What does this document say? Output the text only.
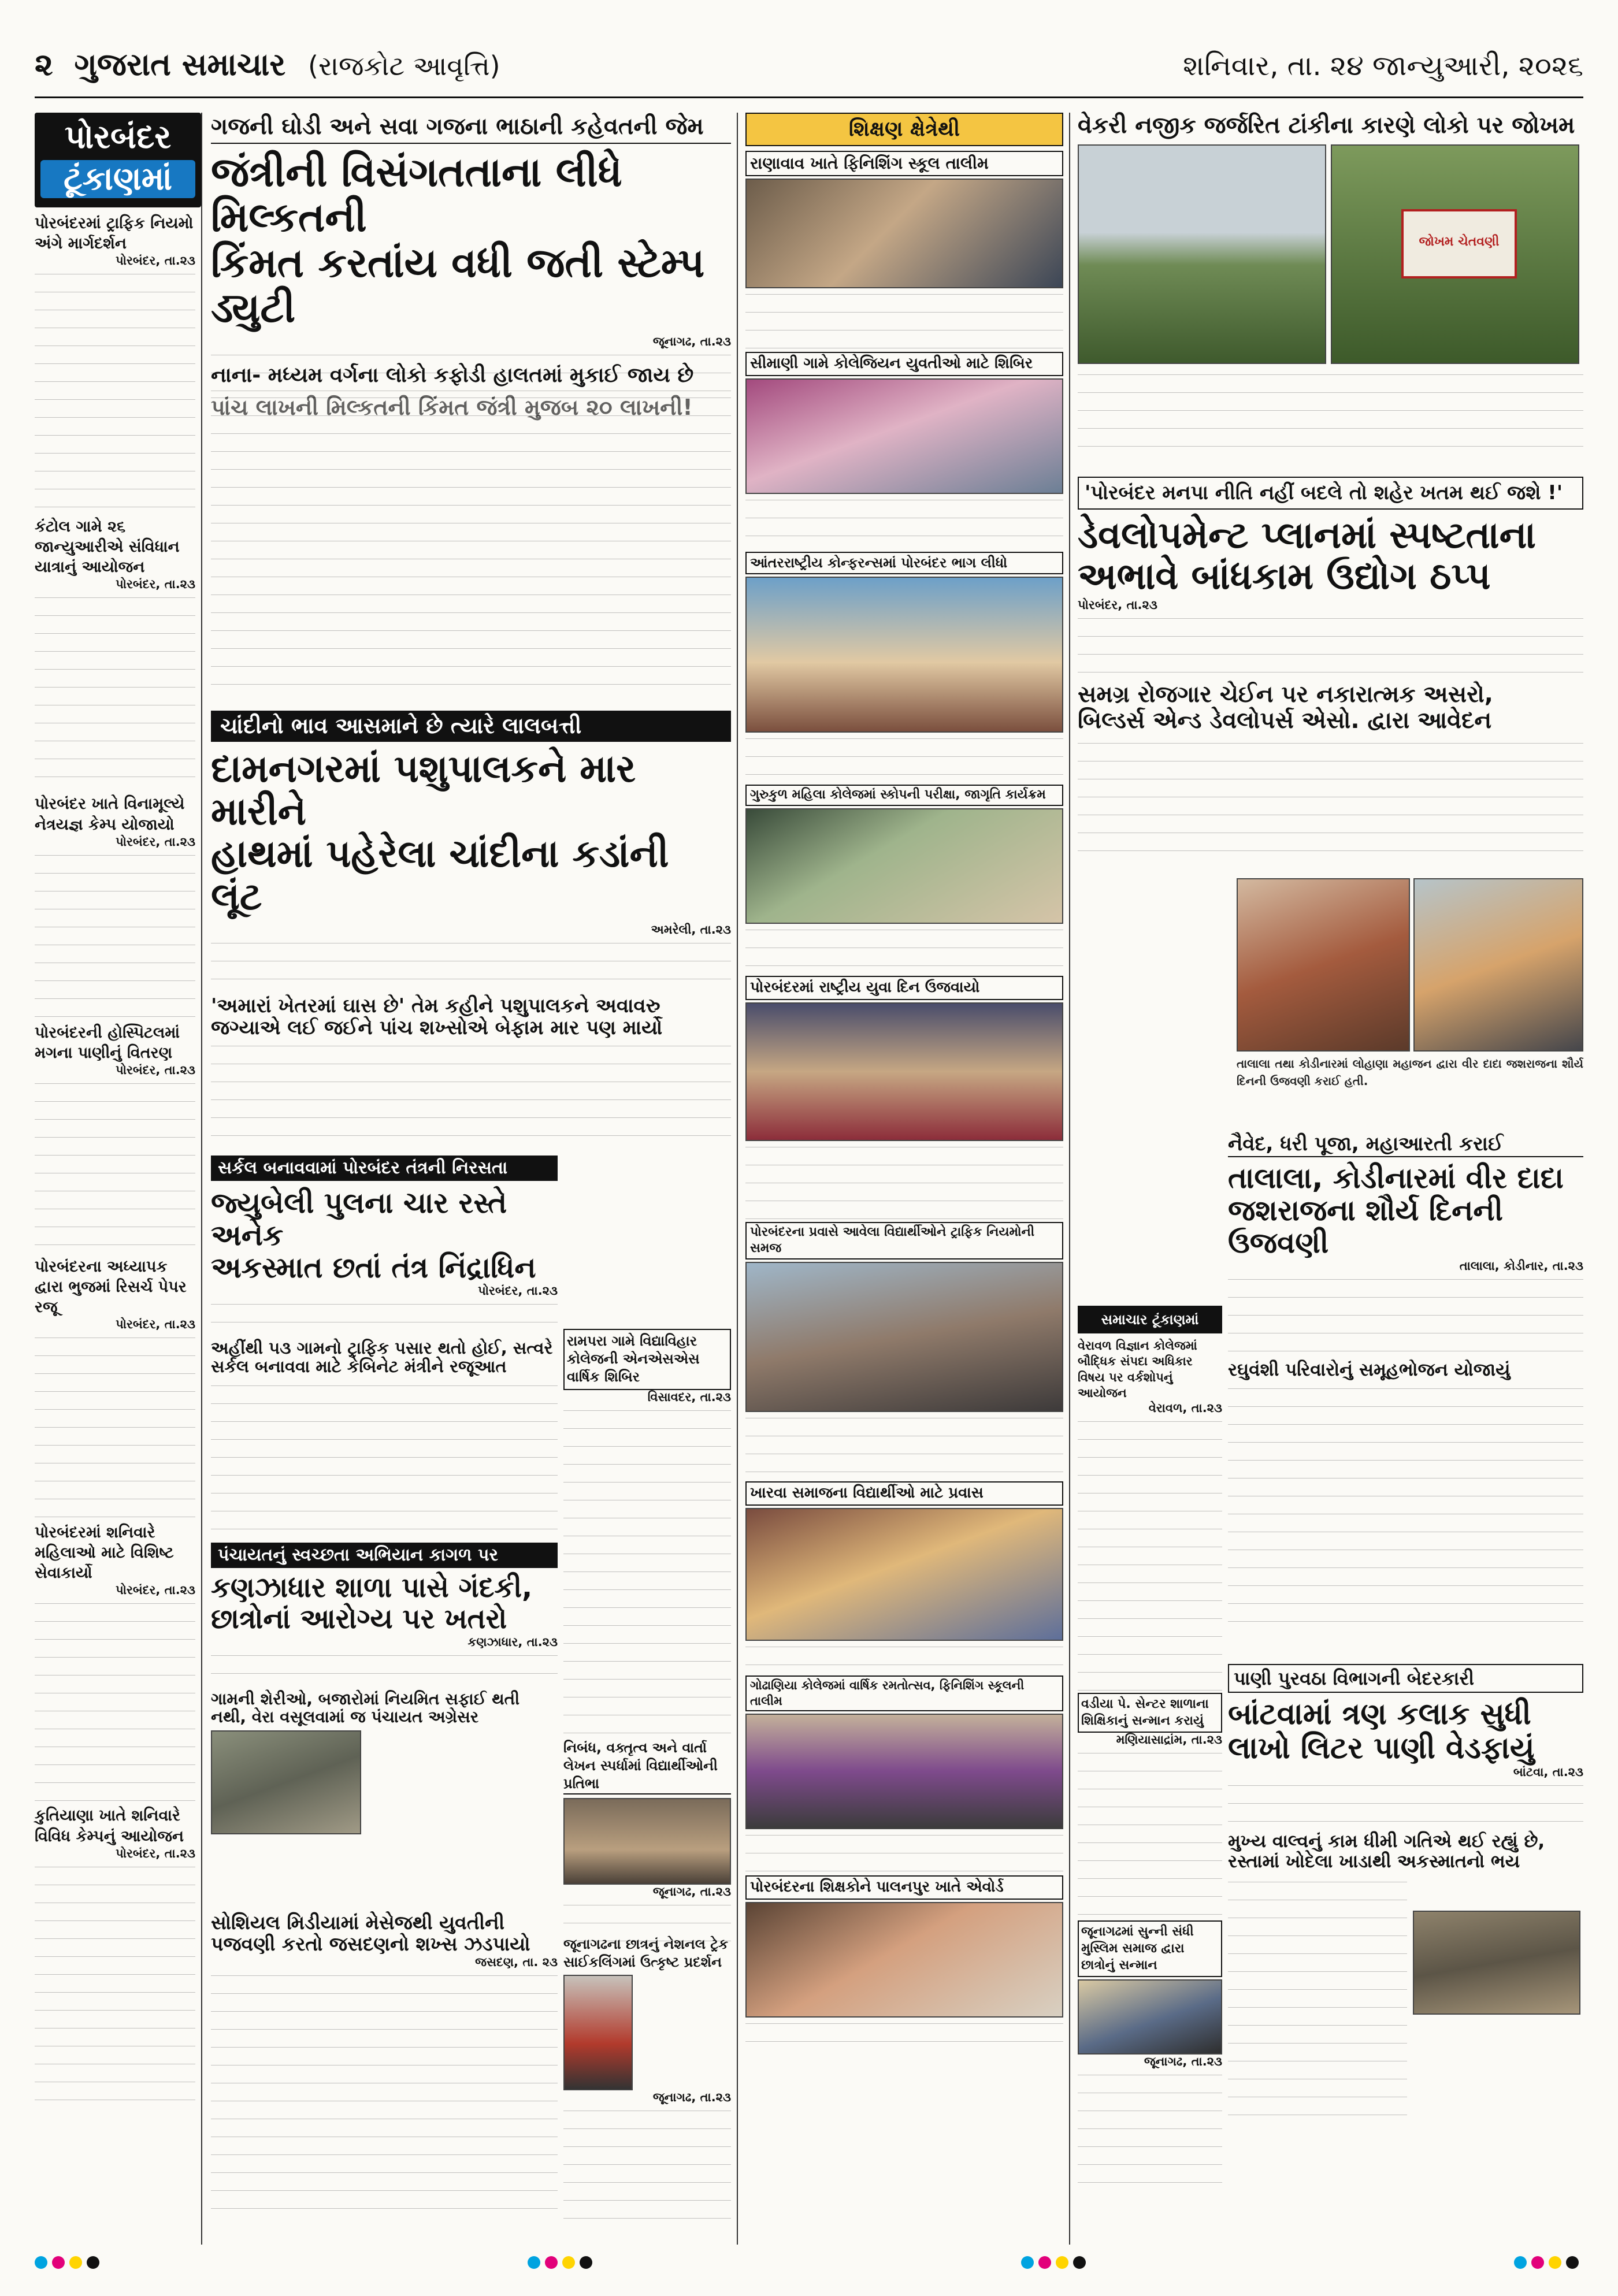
૨ ગુજરાત સમાચાર (રાજકોટ આવૃત્તિ)	શનિવાર, તા. ૨૪ જાન્યુઆરી, ૨૦૨૬
પોરબંદર
ટૂંકાણમાં
પોરબંદરમાં ટ્રાફિક નિયમો અંગે માર્ગદર્શન
પોરબંદર, તા.૨૩
કંટોલ ગામે ૨૬ જાન્યુઆરીએ સંવિધાન યાત્રાનું આયોજન
પોરબંદર, તા.૨૩
પોરબંદર ખાતે વિનામૂલ્યે નેત્રયજ્ઞ કેમ્પ યોજાયો
પોરબંદર, તા.૨૩
પોરબંદરની હોસ્પિટલમાં મગના પાણીનું વિતરણ
પોરબંદર, તા.૨૩
પોરબંદરના અધ્યાપક દ્વારા ભુજમાં રિસર્ચ પેપર રજૂ
પોરબંદર, તા.૨૩
પોરબંદરમાં શનિવારે મહિલાઓ માટે વિશિષ્ટ સેવાકાર્યો
પોરબંદર, તા.૨૩
કુતિયાણા ખાતે શનિવારે વિવિધ કેમ્પનું આયોજન
પોરબંદર, તા.૨૩
ગજની ઘોડી અને સવા ગજના ભાઠાની કહેવતની જેમ
જંત્રીની વિસંગતતાના લીધે મિલ્કતની
કિંમત કરતાંય વધી જતી સ્ટેમ્પ ડ્યુટી
જૂનાગઢ, તા.૨૩
પાંચ લાખની મિલ્કતની કિંમત જંત્રી મુજબ ૨૦ લાખની!
નાના- મધ્યમ વર્ગના લોકો કફોડી હાલતમાં મુકાઈ જાય છે
ચાંદીનો ભાવ આસમાને છે ત્યારે લાલબત્તી
દામનગરમાં પશુપાલકને માર મારીને
હાથમાં પહેરેલા ચાંદીના કડાંની લૂંટ
અમરેલી, તા.૨૩
'અમારાં ખેતરમાં ઘાસ છે' તેમ કહીને પશુપાલકને અવાવરુ
જગ્યાએ લઈ જઈને પાંચ શખ્સોએ બેફામ માર પણ માર્યો
સર્કલ બનાવવામાં પોરબંદર તંત્રની નિરસતા
જ્યુબેલી પુલના ચાર રસ્તે અનેક
અકસ્માત છતાં તંત્ર નિંદ્રાધિન
પોરબંદર, તા.૨૩
અહીંથી ૫૩ ગામનો ટ્રાફિક પસાર થતો હોઈ, સત્વરે
સર્કલ બનાવવા માટે કેબિનેટ મંત્રીને રજૂઆત
રામપરા ગામે વિદ્યાવિહાર કોલેજની એનએસએસ વાર્ષિક શિબિર
વિસાવદર, તા.૨૩
પંચાયતનું સ્વચ્છતા અભિયાન કાગળ પર
કણઝાધાર શાળા પાસે ગંદકી,
છાત્રોનાં આરોગ્ય પર ખતરો
કણઝાધાર, તા.૨૩
ગામની શેરીઓ, બજારોમાં નિયમિત સફાઈ થતી
નથી, વેરા વસૂલવામાં જ પંચાયત અગ્રેસર
નિબંધ, વક્તૃત્વ અને વાર્તા લેખન સ્પર્ધામાં વિદ્યાર્થીઓની પ્રતિભા
જૂનાગઢ, તા.૨૩
સોશિયલ મિડીયામાં મેસેજથી યુવતીની
પજવણી કરતો જસદણનો શખ્સ ઝડપાયો
જસદણ, તા. ૨૩
જૂનાગઢના છાત્રનું નેશનલ ટ્રેક સાઈકલિંગમાં ઉત્કૃષ્ટ પ્રદર્શન
જૂનાગઢ, તા.૨૩
શિક્ષણ ક્ષેત્રેથી
રાણાવાવ ખાતે ફિનિશિંગ સ્કૂલ તાલીમ
સીમાણી ગામે કોલેજિયન યુવતીઓ માટે શિબિર
આંતરરાષ્ટ્રીય કોન્ફરન્સમાં પોરબંદર ભાગ લીધો
ગુરુકુળ મહિલા કોલેજમાં સ્કોપની પરીક્ષા, જાગૃતિ કાર્યક્રમ
પોરબંદરમાં રાષ્ટ્રીય યુવા દિન ઉજવાયો
પોરબંદરના પ્રવાસે આવેલા વિદ્યાર્થીઓને ટ્રાફિક નિયમોની સમજ
ખારવા સમાજના વિદ્યાર્થીઓ માટે પ્રવાસ
ગોઢાણિયા કોલેજમાં વાર્ષિક રમતોત્સવ, ફિનિશિંગ સ્કૂલની તાલીમ
પોરબંદરના શિક્ષકોને પાલનપુર ખાતે એવોર્ડ
વેકરી નજીક જર્જરિત ટાંકીના કારણે લોકો પર જોખમ
જોખમ ચેતવણી
'પોરબંદર મનપા નીતિ નહીં બદલે તો શહેર ખતમ થઈ જશે !'
ડેવલોપમેન્ટ પ્લાનમાં સ્પષ્ટતાના
અભાવે બાંધકામ ઉદ્યોગ ઠપ્પ
પોરબંદર, તા.૨૩
સમગ્ર રોજગાર ચેઈન પર નકારાત્મક અસરો,
બિલ્ડર્સ એન્ડ ડેવલોપર્સ એસો. દ્વારા આવેદન
તાલાલા તથા કોડીનારમાં લોહાણા મહાજન દ્વારા વીર દાદા જશરાજના શૌર્ય દિનની ઉજવણી કરાઈ હતી.
સમાચાર ટૂંકાણમાં
વેરાવળ વિજ્ઞાન કોલેજમાં બૌદ્ધિક સંપદા અધિકાર વિષય પર વર્કશોપનું આયોજન
વેરાવળ, તા.૨૩
વડીયા પે. સેન્ટર શાળાના શિક્ષિકાનું સન્માન કરાયું
મણિયાસાદ્રાંમ, તા.૨૩
જૂનાગઢમાં સુન્ની સંધી મુસ્લિમ સમાજ દ્વારા છાત્રોનું સન્માન
જૂનાગઢ, તા.૨૩
નૈવેદ, ધરી પૂજા, મહાઆરતી કરાઈ
તાલાલા, કોડીનારમાં વીર દાદા
જશરાજના શૌર્ય દિનની ઉજવણી
તાલાલા, કોડીનાર, તા.૨૩
રઘુવંશી પરિવારોનું સમૂહભોજન યોજાયું
પાણી પુરવઠા વિભાગની બેદરકારી
બાંટવામાં ત્રણ કલાક સુધી
લાખો લિટર પાણી વેડફાયું
બાંટવા, તા.૨૩
મુખ્ય વાલ્વનું કામ ધીમી ગતિએ થઈ રહ્યું છે,
રસ્તામાં ખોદેલા ખાડાથી અકસ્માતનો ભય
